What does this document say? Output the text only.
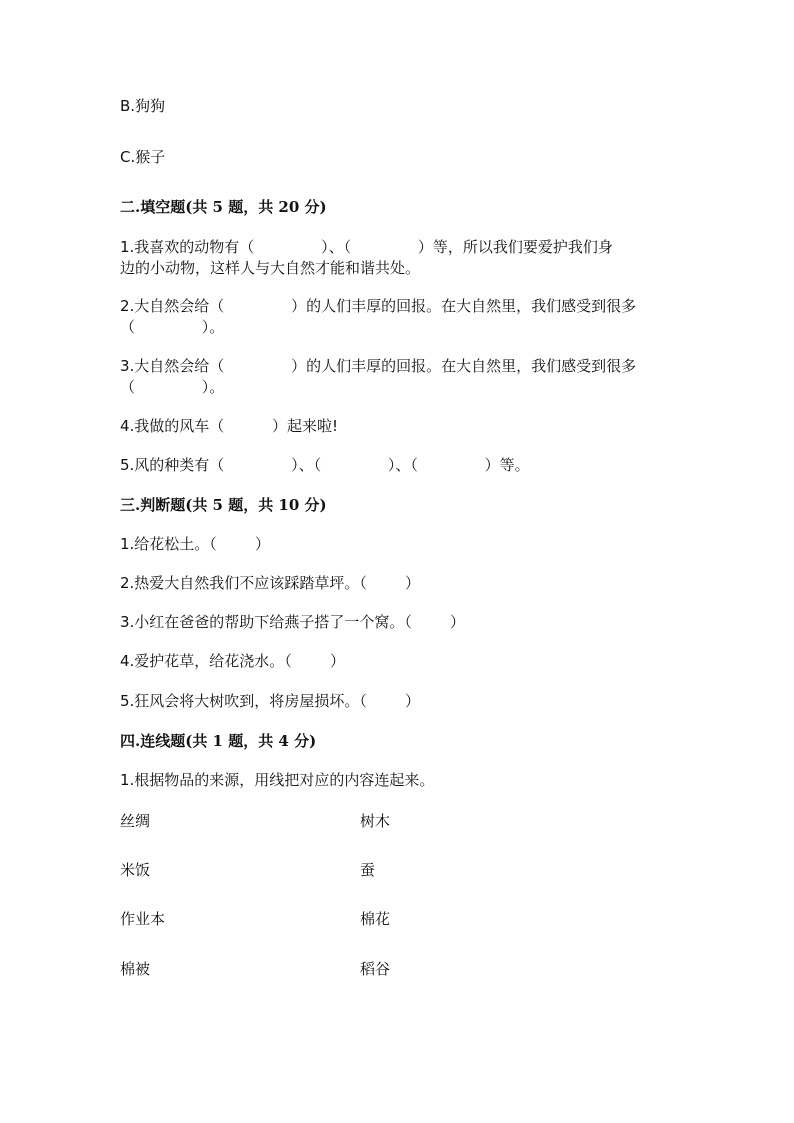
B.狗狗
C.猴子
二.填空题(共 5 题，共 20 分)
1.我喜欢的动物有（              ）、（              ）等，所以我们要爱护我们身
边的小动物，这样人与大自然才能和谐共处。
2.大自然会给（              ）的人们丰厚的回报。在大自然里，我们感受到很多
（              ）。
3.大自然会给（              ）的人们丰厚的回报。在大自然里，我们感受到很多
（              ）。
4.我做的风车（          ）起来啦!
5.风的种类有（              ）、（              ）、（              ）等。
三.判断题(共 5 题，共 10 分)
1.给花松土。（        ）
2.热爱大自然我们不应该踩踏草坪。（        ）
3.小红在爸爸的帮助下给燕子搭了一个窝。（        ）
4.爱护花草，给花浇水。（        ）
5.狂风会将大树吹到，将房屋损坏。（        ）
四.连线题(共 1 题，共 4 分)
1.根据物品的来源，用线把对应的内容连起来。
丝绸	树木
米饭	蚕
作业本	棉花
棉被	稻谷
